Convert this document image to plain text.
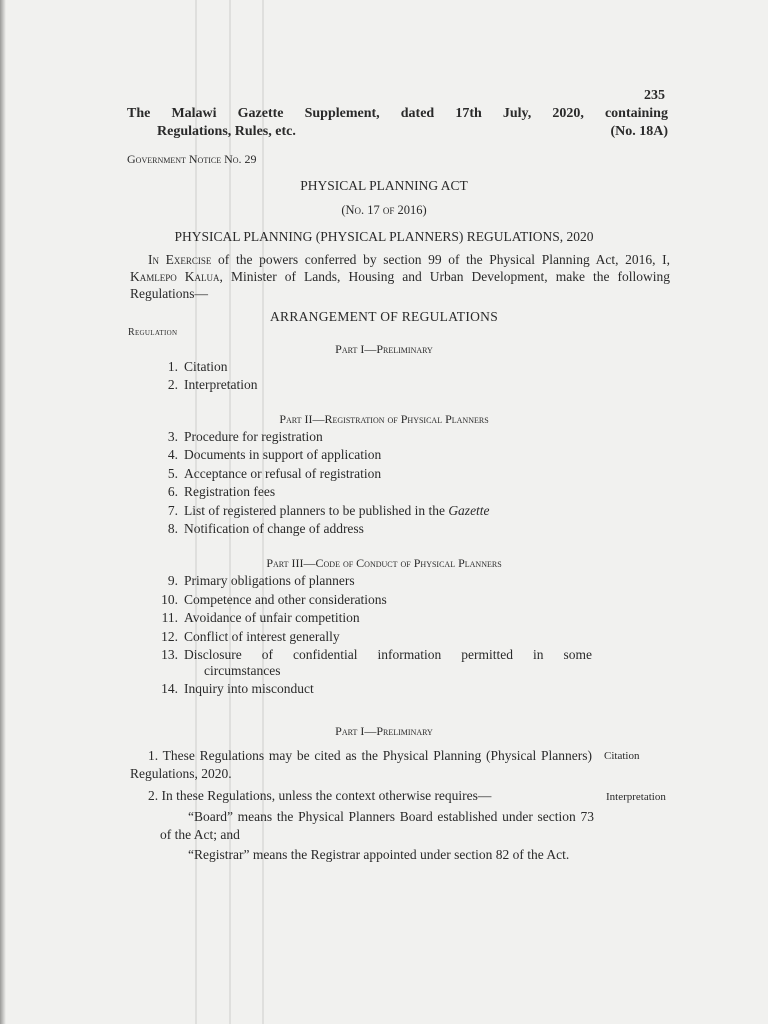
235
The Malawi Gazette Supplement, dated 17th July, 2020, containing
Regulations, Rules, etc.	(No. 18A)
Government Notice No. 29
PHYSICAL PLANNING ACT
(No. 17 of 2016)
PHYSICAL PLANNING (PHYSICAL PLANNERS) REGULATIONS, 2020
In Exercise of the powers conferred by section 99 of the Physical Planning Act, 2016, I, Kamlepo Kalua, Minister of Lands, Housing and Urban Development, make the following Regulations—
ARRANGEMENT OF REGULATIONS
Regulation
Part I—Preliminary
1. Citation
2. Interpretation
Part II—Registration of Physical Planners
3. Procedure for registration
4. Documents in support of application
5. Acceptance or refusal of registration
6. Registration fees
7. List of registered planners to be published in the Gazette
8. Notification of change of address
Part III—Code of Conduct of Physical Planners
9. Primary obligations of planners
10. Competence and other considerations
11. Avoidance of unfair competition
12. Conflict of interest generally
13. Disclosure of confidential information permitted in some
circumstances
14. Inquiry into misconduct
Part I—Preliminary
1. These Regulations may be cited as the Physical Planning (Physical Planners) Regulations, 2020.
Citation
2. In these Regulations, unless the context otherwise requires—	Interpretation
“Board” means the Physical Planners Board established under section 73 of the Act; and
“Registrar” means the Registrar appointed under section 82 of the Act.
